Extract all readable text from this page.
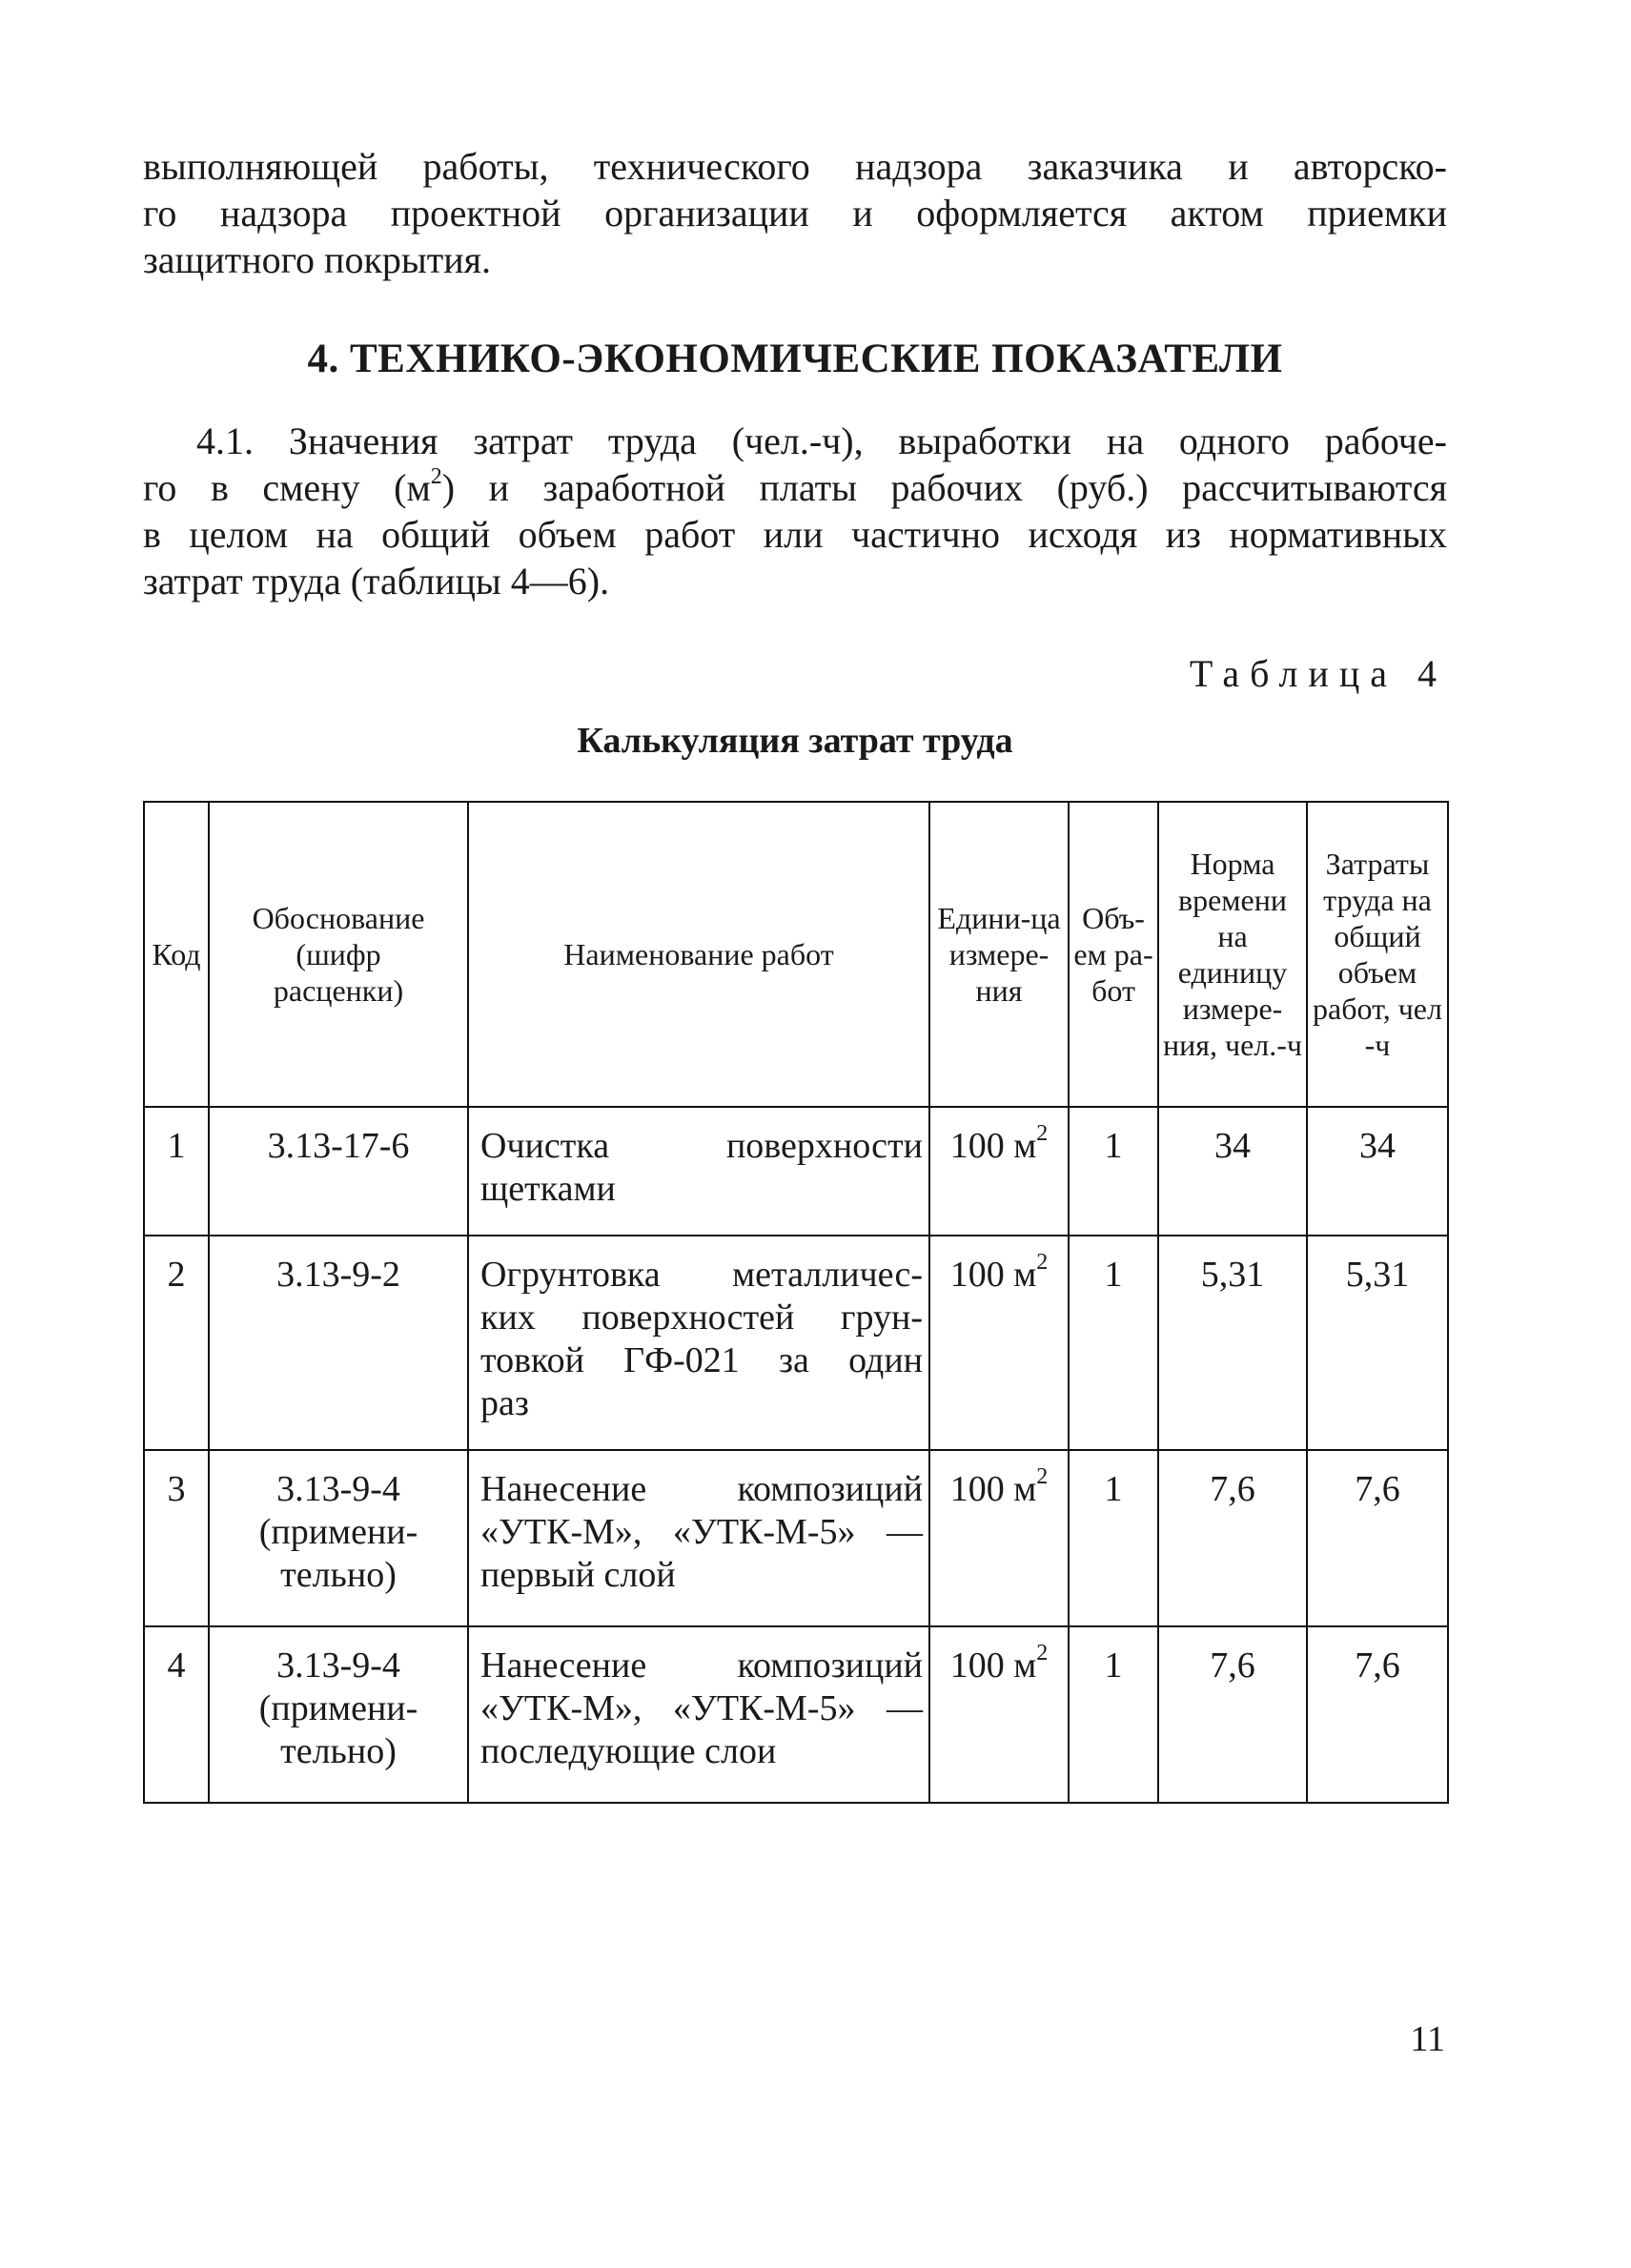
выполняющей работы, технического надзора заказчика и авторско-
го надзора проектной организации и оформляется актом приемки
защитного покрытия.
4. ТЕХНИКО-ЭКОНОМИЧЕСКИЕ ПОКАЗАТЕЛИ
4.1. Значения затрат труда (чел.-ч), выработки на одного рабоче-
го в смену $(м^2)$ и заработной платы рабочих (руб.) рассчитываются
в целом на общий объем работ или частично исходя из нормативных
затрат труда (таблицы 4—6).

Таблица 4

Калькуляция затрат труда

Код	Обоснование (шифр расценки)	Наименование работ	Едини-ца измере-ния	Объ-ем ра-бот	Норма времени на единицу измере-ния, чел.-ч	Затраты труда на общий объем работ, чел -ч
1	3.13-17-6	Очистка поверхности
щетками	100 $м^2$	1	34	34
2	3.13-9-2	Огрунтовка металличес-
ких поверхностей грун-
товкой ГФ-021 за один
раз	100 $м^2$	1	5,31	5,31
3	3.13-9-4 (примени-тельно)	Нанесение композиций
«УТК-М», «УТК-М-5» —
первый слой	100 $м^2$	1	7,6	7,6
4	3.13-9-4 (примени-тельно)	Нанесение композиций
«УТК-М», «УТК-М-5» —
последующие слои	100 $м^2$	1	7,6	7,6

11
